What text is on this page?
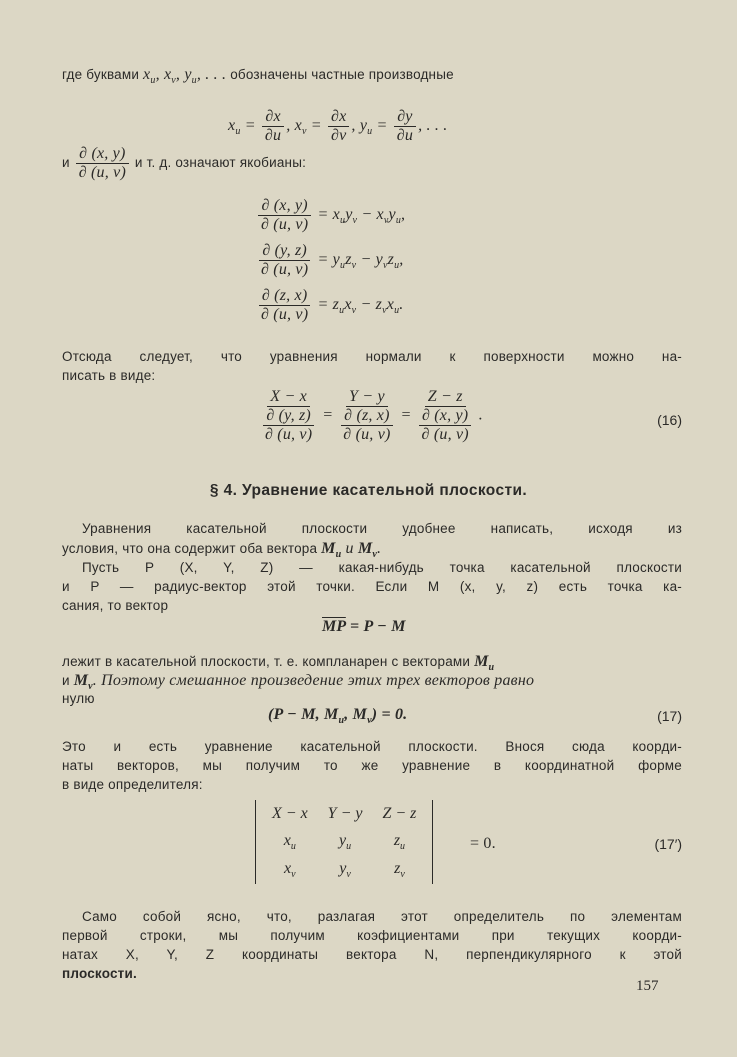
где буквами $x_u$, $x_v$, $y_u$, . . . обозначены частные производные
$x_u = \frac{\partial x}{\partial u}$ , $x_v = \frac{\partial x}{\partial v}$ , $y_u = \frac{\partial y}{\partial u}$ , . . .
и $\frac{\partial (x, y)}{\partial (u, v)}$ и т. д. означают якобианы:
$\frac{\partial (x, y)}{\partial (u, v)} = x_uy_v - x_vy_u$,
$\frac{\partial (y, z)}{\partial (u, v)} = y_uz_v - y_vz_u$,
$\frac{\partial (z, x)}{\partial (u, v)} = z_ux_v - z_vx_u$.
Отсюда следует, что уравнения нормали к поверхности можно на-
писать в виде:
$\frac{X - x}{\frac{\partial (y, z)}{\partial (u, v)}} = \frac{Y - y}{\frac{\partial (z, x)}{\partial (u, v)}} = \frac{Z - z}{\frac{\partial (x, y)}{\partial (u, v)}}$ .	(16)
§ 4. Уравнение касательной плоскости.
Уравнения касательной плоскости удобнее написать, исходя из
условия, что она содержит оба вектора $M_u$ и $M_v$.
Пусть P (X, Y, Z) — какая-нибудь точка касательной плоскости
и P — радиус-вектор этой точки. Если M (x, y, z) есть точка ка-
сания, то вектор
$\overline{MP} = P - M$
лежит в касательной плоскости, т. е. компланарен с векторами $M_u$
и $M_v$. Поэтому смешанное произведение этих трех векторов равно
нулю
(P − M, $M_u$, $M_v) = 0$.	(17)
Это и есть уравнение касательной плоскости. Внося сюда коорди-
наты векторов, мы получим то же уравнение в координатной форме
в виде определителя:
X − x	Y − y	Z − z
$x_u$	$y_u$	$z_u$
$x_v$	$y_v$	$z_v$
= 0.	(17′)
Само собой ясно, что, разлагая этот определитель по элементам
первой строки, мы получим коэфициентами при текущих коорди-
натах X, Y, Z координаты вектора N, перпендикулярного к этой
плоскости.
157
